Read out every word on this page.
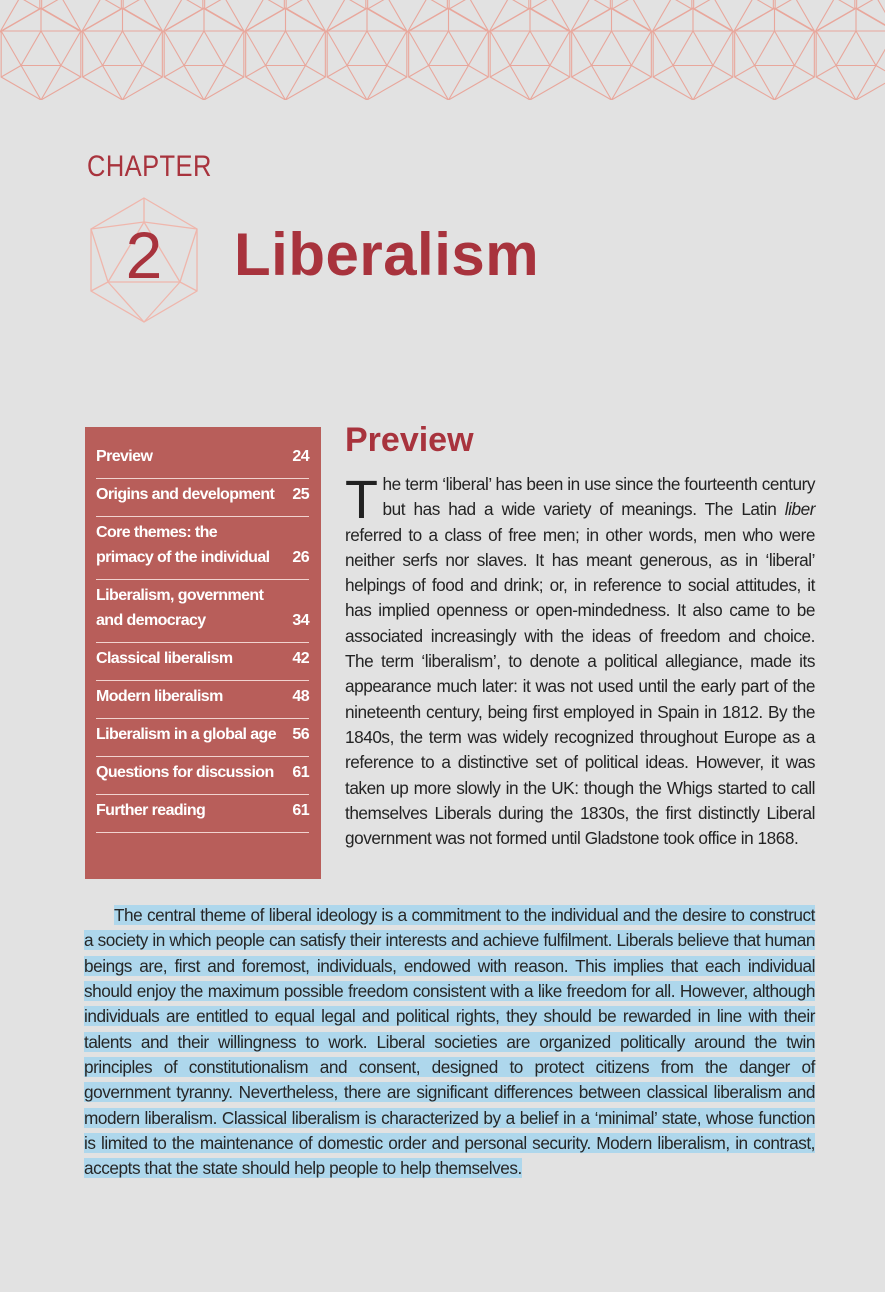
CHAPTER
2	Liberalism
Preview	24
Origins and development	25
Core themes: the primacy of the individual	26
Liberalism, government and democracy	34
Classical liberalism	42
Modern liberalism	48
Liberalism in a global age	56
Questions for discussion	61
Further reading	61
Preview
The term ‘liberal’ has been in use since the fourteenth century but has had a wide variety of meanings. The Latin liber referred to a class of free men; in other words, men who were neither serfs nor slaves. It has meant generous, as in ‘liberal’ helpings of food and drink; or, in reference to social attitudes, it has implied openness or open-mindedness. It also came to be associated increasingly with the ideas of freedom and choice. The term ‘liberalism’, to denote a political allegiance, made its appearance much later: it was not used until the early part of the nineteenth century, being first employed in Spain in 1812. By the 1840s, the term was widely recognized throughout Europe as a reference to a distinctive set of political ideas. However, it was taken up more slowly in the UK: though the Whigs started to call themselves Liberals during the 1830s, the first distinctly Liberal government was not formed until Gladstone took office in 1868.
The central theme of liberal ideology is a commitment to the individual and the desire to construct a society in which people can satisfy their interests and achieve fulfilment. Liberals believe that human beings are, first and foremost, individuals, endowed with reason. This implies that each individual should enjoy the maximum possible freedom consistent with a like freedom for all. However, although individuals are entitled to equal legal and political rights, they should be rewarded in line with their talents and their willingness to work. Liberal societies are organized politically around the twin principles of constitutionalism and consent, designed to protect citizens from the danger of government tyranny. Nevertheless, there are significant differences between classical liberalism and modern liberalism. Classical liberalism is characterized by a belief in a ‘minimal’ state, whose function is limited to the maintenance of domestic order and personal security. Modern liberalism, in contrast, accepts that the state should help people to help themselves.
